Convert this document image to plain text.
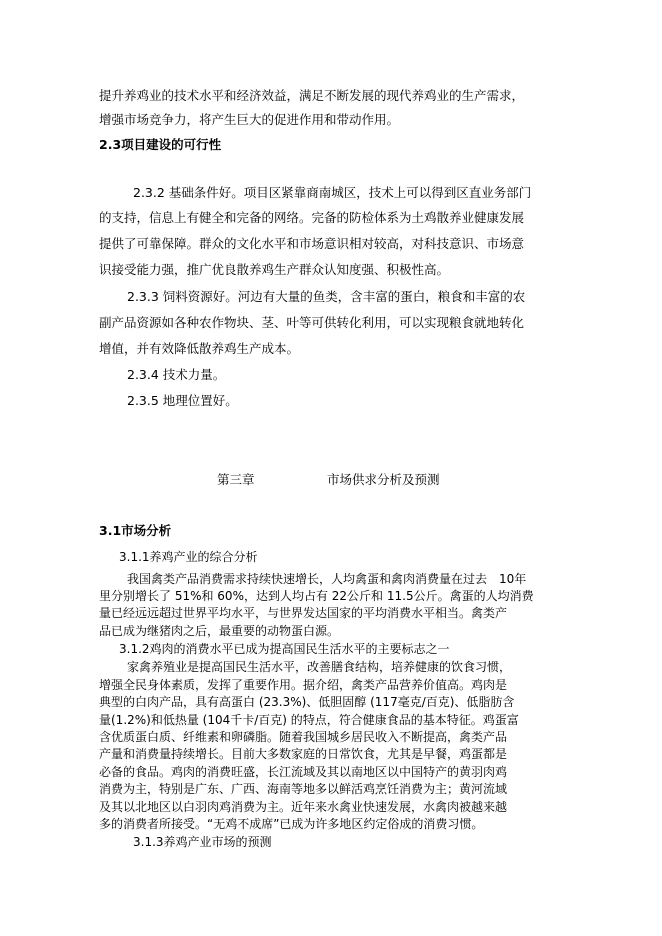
提升养鸡业的技术水平和经济效益，满足不断发展的现代养鸡业的生产需求，
增强市场竞争力，将产生巨大的促进作用和带动作用。
2.3项目建设的可行性
2.3.2 基础条件好。项目区紧靠商南城区，技术上可以得到区直业务部门
的支持，信息上有健全和完备的网络。完备的防检体系为土鸡散养业健康发展
提供了可靠保障。群众的文化水平和市场意识相对较高，对科技意识、市场意
识接受能力强，推广优良散养鸡生产群众认知度强、积极性高。
2.3.3 饲料资源好。河边有大量的鱼类，含丰富的蛋白，粮食和丰富的农
副产品资源如各种农作物块、茎、叶等可供转化利用，可以实现粮食就地转化
增值，并有效降低散养鸡生产成本。
2.3.4 技术力量。
2.3.5 地理位置好。
第三章	市场供求分析及预测
3.1市场分析
3.1.1养鸡产业的综合分析
我国禽类产品消费需求持续快速增长，人均禽蛋和禽肉消费量在过去　10年
里分别增长了 51%和 60%，达到人均占有 22公斤和 11.5公斤。禽蛋的人均消费
量已经远远超过世界平均水平，与世界发达国家的平均消费水平相当。禽类产
品已成为继猪肉之后，最重要的动物蛋白源。
3.1.2鸡肉的消费水平已成为提高国民生活水平的主要标志之一
家禽养殖业是提高国民生活水平，改善膳食结构，培养健康的饮食习惯，
增强全民身体素质，发挥了重要作用。据介绍，禽类产品营养价值高。鸡肉是
典型的白肉产品，具有高蛋白 (23.3%)、低胆固醇 (117毫克/百克)、低脂肪含
量(1.2%)和低热量 (104千卡/百克) 的特点，符合健康食品的基本特征。鸡蛋富
含优质蛋白质、纤维素和卵磷脂。随着我国城乡居民收入不断提高，禽类产品
产量和消费量持续增长。目前大多数家庭的日常饮食，尤其是早餐，鸡蛋都是
必备的食品。鸡肉的消费旺盛，长江流域及其以南地区以中国特产的黄羽肉鸡
消费为主，特别是广东、广西、海南等地多以鲜活鸡烹饪消费为主；黄河流域
及其以北地区以白羽肉鸡消费为主。近年来水禽业快速发展，水禽肉被越来越
多的消费者所接受。“无鸡不成席”已成为许多地区约定俗成的消费习惯。
3.1.3养鸡产业市场的预测
